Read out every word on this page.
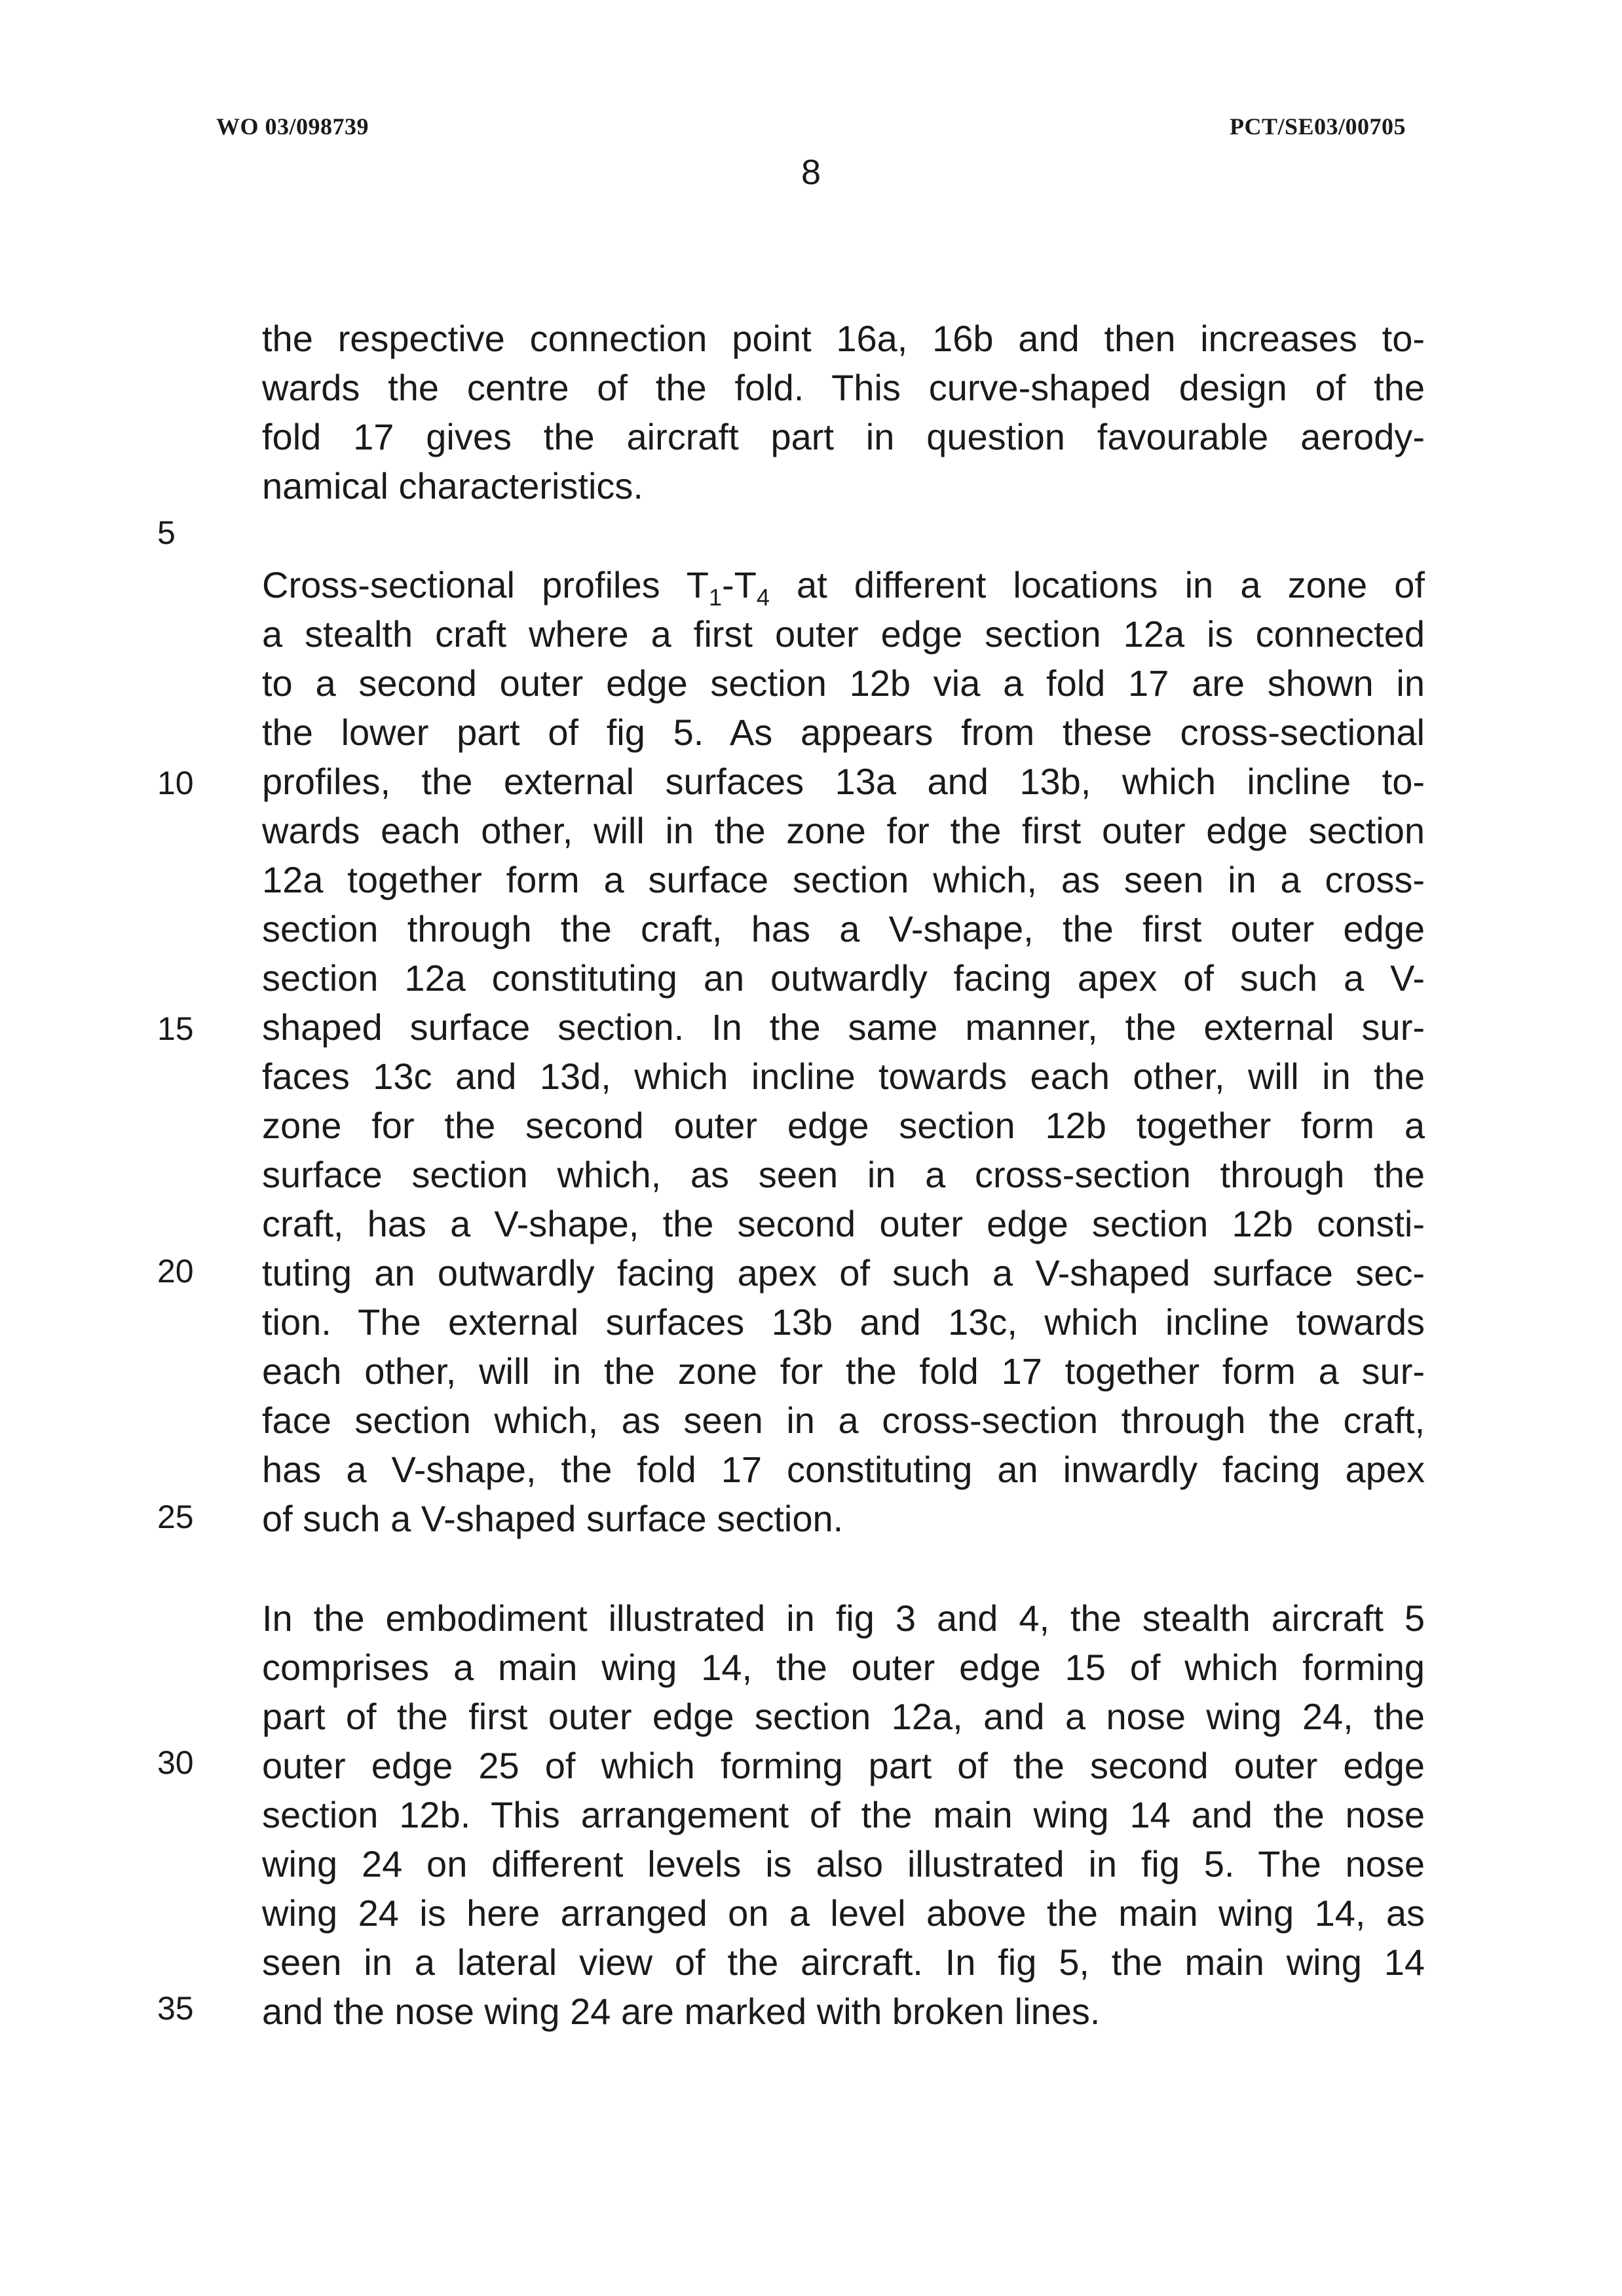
WO 03/098739	PCT/SE03/00705
8
the respective connection point 16a, 16b and then increases to-
wards the centre of the fold. This curve-shaped design of the
fold 17 gives the aircraft part in question favourable aerody-
namical characteristics.
Cross-sectional profiles $T_1-T_4$ at different locations in a zone of
a stealth craft where a first outer edge section 12a is connected
to a second outer edge section 12b via a fold 17 are shown in
the lower part of fig 5. As appears from these cross-sectional
profiles, the external surfaces 13a and 13b, which incline to-
wards each other, will in the zone for the first outer edge section
12a together form a surface section which, as seen in a cross-
section through the craft, has a V-shape, the first outer edge
section 12a constituting an outwardly facing apex of such a V-
shaped surface section. In the same manner, the external sur-
faces 13c and 13d, which incline towards each other, will in the
zone for the second outer edge section 12b together form a
surface section which, as seen in a cross-section through the
craft, has a V-shape, the second outer edge section 12b consti-
tuting an outwardly facing apex of such a V-shaped surface sec-
tion. The external surfaces 13b and 13c, which incline towards
each other, will in the zone for the fold 17 together form a sur-
face section which, as seen in a cross-section through the craft,
has a V-shape, the fold 17 constituting an inwardly facing apex
of such a V-shaped surface section.
In the embodiment illustrated in fig 3 and 4, the stealth aircraft 5
comprises a main wing 14, the outer edge 15 of which forming
part of the first outer edge section 12a, and a nose wing 24, the
outer edge 25 of which forming part of the second outer edge
section 12b. This arrangement of the main wing 14 and the nose
wing 24 on different levels is also illustrated in fig 5. The nose
wing 24 is here arranged on a level above the main wing 14, as
seen in a lateral view of the aircraft. In fig 5, the main wing 14
and the nose wing 24 are marked with broken lines.
5
10
15
20
25
30
35
